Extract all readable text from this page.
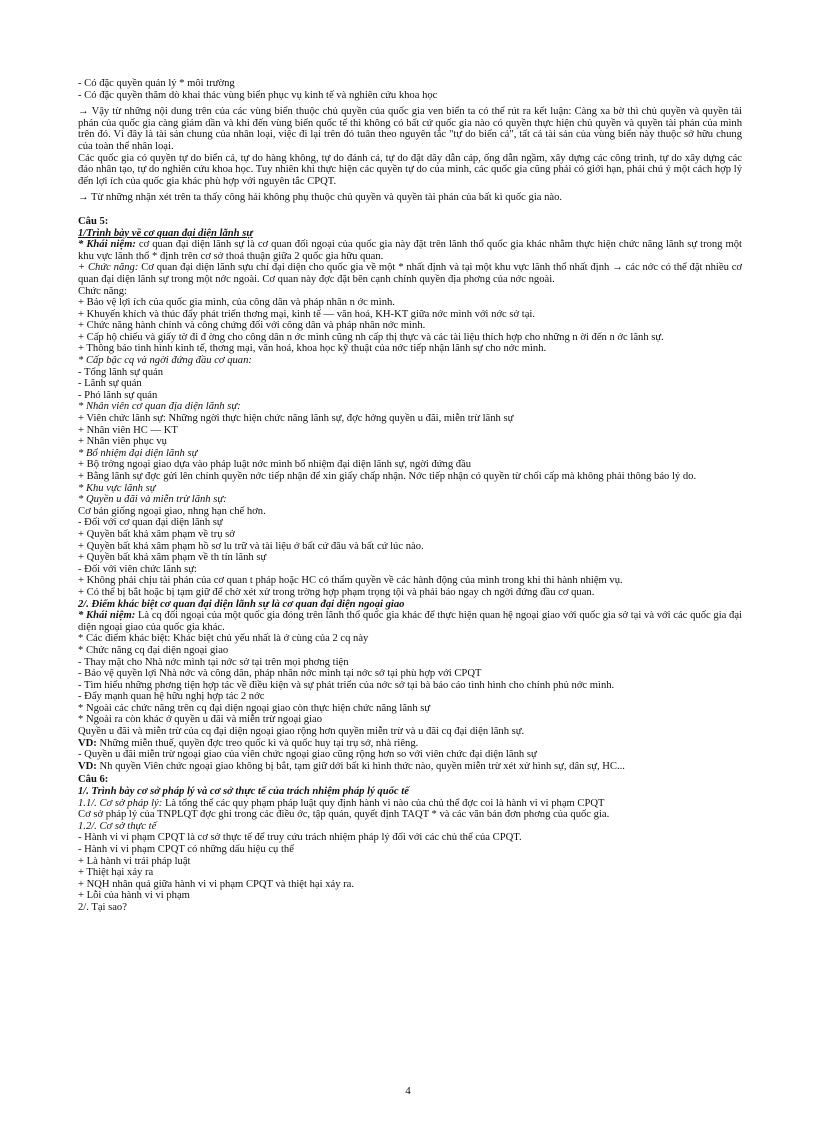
- Có đặc quyền quản lý * môi trường

- Có đặc quyền thăm dò khai thác vùng biển phục vụ kinh tế và nghiên cứu khoa học

→ Vậy từ những nội dung trên của các vùng biển thuộc chủ quyền của quốc gia ven biển ta có thể rút ra kết luận: Càng xa bờ thì chủ quyền và quyền tài phán của quốc gia càng giảm dần và khi đến vùng biển quốc tế thì không có bất cứ quốc gia nào có quyền thực hiện chủ quyền và quyền tài phán của mình trên đó. Vì đây là tài sản chung của nhân loại, việc đi lại trên đó tuân theo nguyên tắc "tự do biển cả", tất cả tài sản của vùng biển này thuộc sở hữu chung của toàn thể nhân loại.

Các quốc gia có quyền tự do biển cả, tự do hàng không, tự do đánh cá, tự do đặt dây dẫn cáp, ống dẫn ngầm, xây dựng các công trình, tự do xây dựng các đảo nhân tạo, tự do nghiên cứu khoa học. Tuy nhiên khi thực hiện các quyền tự do của mình, các quốc gia cũng phải có giới hạn, phải chú ý một cách hợp lý đến lợi ích của quốc gia khác phù hợp với nguyên tắc CPQT.

→ Từ những nhận xét trên ta thấy công hải không phụ thuộc chủ quyền và quyền tài phán của bất kì quốc gia nào.

Câu 5:

1/Trình bày về cơ quan đại diện lãnh sự

* Khái niệm: cơ quan đại diện lãnh sự là cơ quan đối ngoại của quốc gia này đặt trên lãnh thổ quốc gia khác nhằm thực hiện chức năng lãnh sự trong một khu vực lãnh thổ * định trên cơ sở thoả thuận giữa 2 quốc gia hữu quan.

+ Chức năng: Cơ quan đại diện lãnh sựu chỉ đại diện cho quốc gia về một * nhất định và tại một khu vực lãnh thổ nhất định → các nớc có thể đặt nhiều cơ quan đại diện lãnh sự trong một nớc ngoài. Cơ quan này đợc đặt bên cạnh chính quyền địa phơng của nớc ngoài.

Chức năng:

+ Bảo vệ lợi ích của quốc gia mình, của công dân và pháp nhân n ớc mình.

+ Khuyến khích và thúc đẩy phát triển thơng mại, kinh tế — văn hoá, KH-KT giữa nớc mình với nớc sở tại.

+ Chức năng hành chính và công chứng đối với công dân và pháp nhân nớc mình.

+ Cấp hộ chiếu và giấy tờ đi đ ờng cho công dân n ớc mình cũng nh cấp thị thực và các tài liệu thích hợp cho những n ời đến n ớc lãnh sự.

+ Thông báo tình hình kinh tế, thơng mại, văn hoá, khoa học kỹ thuật của nớc tiếp nhận lãnh sự cho nớc mình.

* Cấp bậc cq và ngời đứng đầu cơ quan:

- Tổng lãnh sự quán

- Lãnh sự quán

- Phó lãnh sự quán

* Nhân viên cơ quan địa diện lãnh sự:

+ Viên chức lãnh sự: Những ngời thực hiện chức năng lãnh sự, đợc hởng quyền u đãi, miễn trừ lãnh sự

+ Nhân viên HC — KT

+ Nhân viên phục vụ

* Bổ nhiệm đại diện lãnh sự

+ Bộ trởng ngoại giao dựa vào pháp luật nớc mình bổ nhiệm đại diện lãnh sự, ngời đứng đầu

+ Bằng lãnh sự đợc gửi lên chính quyền nớc tiếp nhận để xin giấy chấp nhận. Nớc tiếp nhận có quyền từ chối cấp mà không phải thông báo lý do.

* Khu vực lãnh sự

* Quyền u đãi và miễn trừ lãnh sự:

Cơ bản giống ngoại giao, nhng hạn chế hơn.

- Đối với cơ quan đại diện lãnh sự

+ Quyền bất khả xâm phạm về trụ sở

+ Quyền bất khả xâm phạm hồ sơ lu trữ và tài liệu ở bất cứ đâu và bất cứ lúc nào.

+ Quyền bất khả xâm phạm về th tín lãnh sự

- Đối với viên chức lãnh sự:

+ Không phải chịu tài phán của cơ quan t pháp hoặc HC có thẩm quyền về các hành động của mình trong khi thi hành nhiệm vụ.

+ Có thể bị bắt hoặc bị tạm giữ để chờ xét xử trong trờng hợp phạm trọng tội và phải báo ngay ch ngời đứng đầu cơ quan.

2/. Điểm khác biệt cơ quan đại diện lãnh sự là cơ quan đại diện ngoại giao

* Khái niệm: Là cq đối ngoại của một quốc gia đóng trên lãnh thổ quốc gia khác để thực hiện quan hệ ngoại giao với quốc gia sở tại và với các quốc gia đại diện ngoại giao của quốc gia khác.

* Các điểm khác biệt: Khác biệt chủ yếu nhất là ở cùng của 2 cq này

* Chức năng cq đại diện ngoại giao

- Thay mặt cho Nhà nớc mình tại nớc sở tại trên mọi phơng tiện

- Bảo vệ quyền lợi Nhà nớc và công dân, pháp nhân nớc mình tại nớc sở tại phù hợp với CPQT

- Tìm hiểu những phơng tiện hợp tác về điều kiện và sự phát triển của nớc sở tại bà báo cáo tình hình cho chính phủ nớc mình.

- Đẩy mạnh quan hệ hữu nghị hợp tác 2 nớc

* Ngoài các chức năng trên cq đại diện ngoại giao còn thực hiện chức năng lãnh sự

* Ngoài ra còn khác ở quyền u đãi và miễn trừ ngoại giao

Quyền u đãi và miễn trừ của cq đại diện ngoại giao rộng hơn quyền miễn trừ và u đãi cq đại diện lãnh sự.

VD: Những miễn thuế, quyền đợc treo quốc kì và quốc huy tại trụ sở, nhà riêng.

- Quyền u đãi miễn trừ ngoại giao của viên chức ngoại giao cũng rộng hơn so với viên chức đại diện lãnh sự

VD: Nh quyền Viên chức ngoại giao không bị bắt, tạm giữ dới bất kì hình thức nào, quyền miễn trừ xét xử hình sự, dân sự, HC...

Câu 6:

1/. Trình bày cơ sở pháp lý và cơ sở thực tế của trách nhiệm pháp lý quốc tế

1.1/. Cơ sở pháp lý: Là tổng thể các quy phạm pháp luật quy định hành vi nào của chủ thể đợc coi là hành vi vi phạm CPQT

Cơ sở pháp lý của TNPLQT đợc ghi trong các điều ớc, tập quán, quyết định TAQT * và các văn bản đơn phơng của quốc gia.

1.2/. Cơ sở thực tế

- Hành vi vi phạm CPQT là cơ sở thực tế để truy cứu trách nhiệm pháp lý đối với các chủ thể của CPQT.

- Hành vi vi phạm CPQT có những dấu hiệu cụ thể

+ Là hành vi trái pháp luật

+ Thiệt hại xảy ra

+ NQH nhân quả giữa hành vi vi phạm CPQT và thiệt hại xảy ra.

+ Lỗi của hành vi vi phạm

2/. Tại sao?

4
